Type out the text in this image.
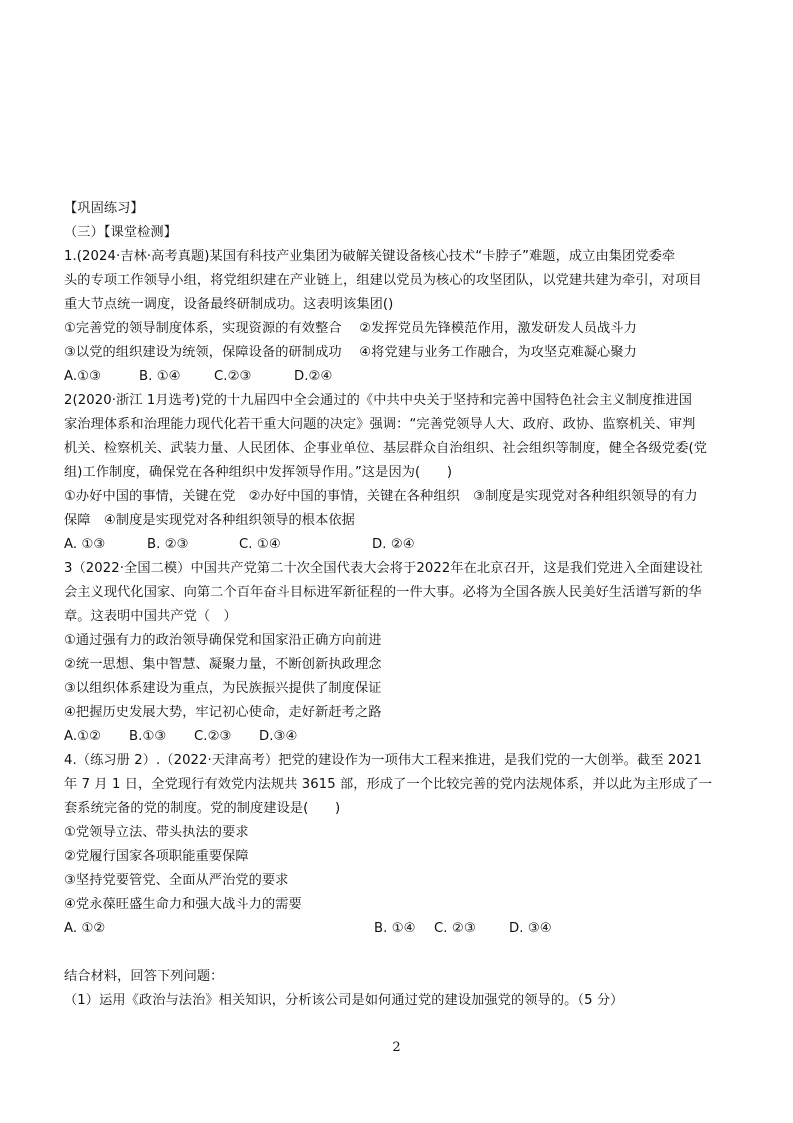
【巩固练习】
（三）【课堂检测】
1.(2024·吉林·高考真题)某国有科技产业集团为破解关键设备核心技术“卡脖子”难题，成立由集团党委牵
头的专项工作领导小组，将党组织建在产业链上，组建以党员为核心的攻坚团队，以党建共建为牵引，对项目
重大节点统一调度，设备最终研制成功。这表明该集团()
①完善党的领导制度体系，实现资源的有效整合　 ②发挥党员先锋模范作用，激发研发人员战斗力
③以党的组织建设为统领，保障设备的研制成功　 ④将党建与业务工作融合，为攻坚克难凝心聚力
A.①③	B. ①④	C.②③	D.②④
2(2020·浙江 1月选考)党的十九届四中全会通过的《中共中央关于坚持和完善中国特色社会主义制度推进国
家治理体系和治理能力现代化若干重大问题的决定》强调：“完善党领导人大、政府、政协、监察机关、审判
机关、检察机关、武装力量、人民团体、企事业单位、基层群众自治组织、社会组织等制度，健全各级党委(党
组)工作制度，确保党在各种组织中发挥领导作用。”这是因为(　　)
①办好中国的事情，关键在党　②办好中国的事情，关键在各种组织　③制度是实现党对各种组织领导的有力
保障　④制度是实现党对各种组织领导的根本依据
A. ①③	B. ②③	C. ①④	D. ②④
3（2022·全国二模）中国共产党第二十次全国代表大会将于2022年在北京召开，这是我们党进入全面建设社
会主义现代化国家、向第二个百年奋斗目标进军新征程的一件大事。必将为全国各族人民美好生活谱写新的华
章。这表明中国共产党（　）
①通过强有力的政治领导确保党和国家沿正确方向前进
②统一思想、集中智慧、凝聚力量，不断创新执政理念
③以组织体系建设为重点，为民族振兴提供了制度保证
④把握历史发展大势，牢记初心使命，走好新赶考之路
A.①② B.①③ C.②③ D.③④
4.（练习册 2）.（2022·天津高考）把党的建设作为一项伟大工程来推进，是我们党的一大创举。截至 2021
年 7 月 1 日，全党现行有效党内法规共 3615 部，形成了一个比较完善的党内法规体系，并以此为主形成了一
套系统完备的党的制度。党的制度建设是(　　)
①党领导立法、带头执法的要求
②党履行国家各项职能重要保障
③坚持党要管党、全面从严治党的要求
④党永葆旺盛生命力和强大战斗力的需要
A. ①②	B. ①④ C. ②③	D. ③④
结合材料，回答下列问题：
（1）运用《政治与法治》相关知识，分析该公司是如何通过党的建设加强党的领导的。（5 分）
2
